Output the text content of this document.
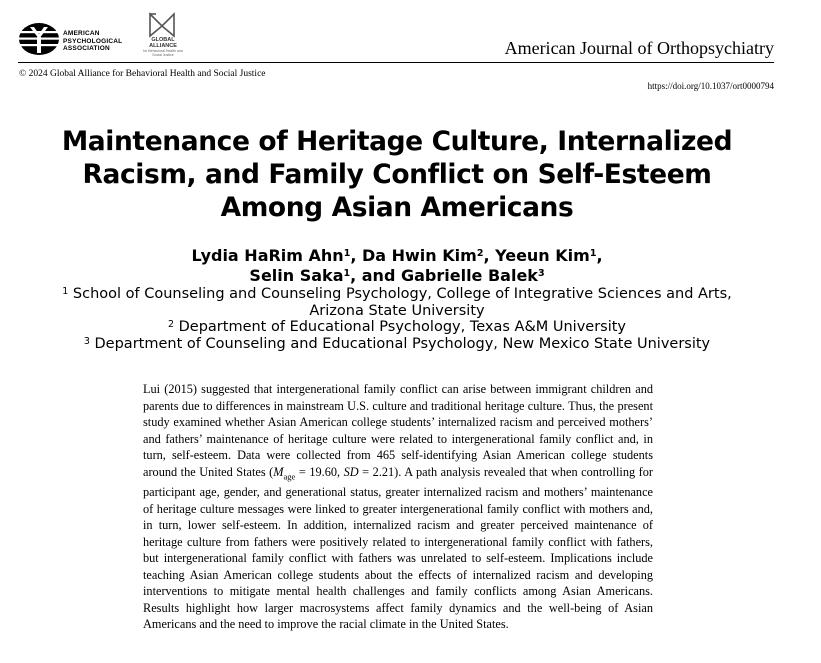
AMERICAN
PSYCHOLOGICAL
ASSOCIATION
GLOBAL
ALLIANCE
for Behavioral Health and Social Justice	American Journal of Orthopsychiatry
© 2024 Global Alliance for Behavioral Health and Social Justice
https://doi.org/10.1037/ort0000794
Maintenance of Heritage Culture, Internalized
Racism, and Family Conflict on Self-Esteem
Among Asian Americans
Lydia HaRim Ahn$^1$, Da Hwin Kim$^2$, Yeeun Kim$^1$,
Selin Saka$^1$, and Gabrielle Balek$^3$
$^1$ School of Counseling and Counseling Psychology, College of Integrative Sciences and Arts,
Arizona State University
$^2$ Department of Educational Psychology, Texas A&M University
$^3$ Department of Counseling and Educational Psychology, New Mexico State University
Lui (2015) suggested that intergenerational family conflict can arise between immigrant children and parents due to differences in mainstream U.S. culture and traditional heritage culture. Thus, the present study examined whether Asian American college students’ internalized racism and perceived mothers’ and fathers’ maintenance of heritage culture were related to intergenerational family conflict and, in turn, self-esteem. Data were collected from 465 self-identifying Asian American college students around the United States ($M_{age} = 19.60$, SD = 2.21). A path analysis revealed that when controlling for participant age, gender, and generational status, greater internalized racism and mothers’ maintenance of heritage culture messages were linked to greater intergenerational family conflict with mothers and, in turn, lower self-esteem. In addition, internalized racism and greater perceived maintenance of heritage culture from fathers were positively related to intergenerational family conflict with fathers, but intergenerational family conflict with fathers was unrelated to self-esteem. Implications include teaching Asian American college students about the effects of internalized racism and developing interventions to mitigate mental health challenges and family conflicts among Asian Americans. Results highlight how larger macrosystems affect family dynamics and the well-being of Asian Americans and the need to improve the racial climate in the United States.
